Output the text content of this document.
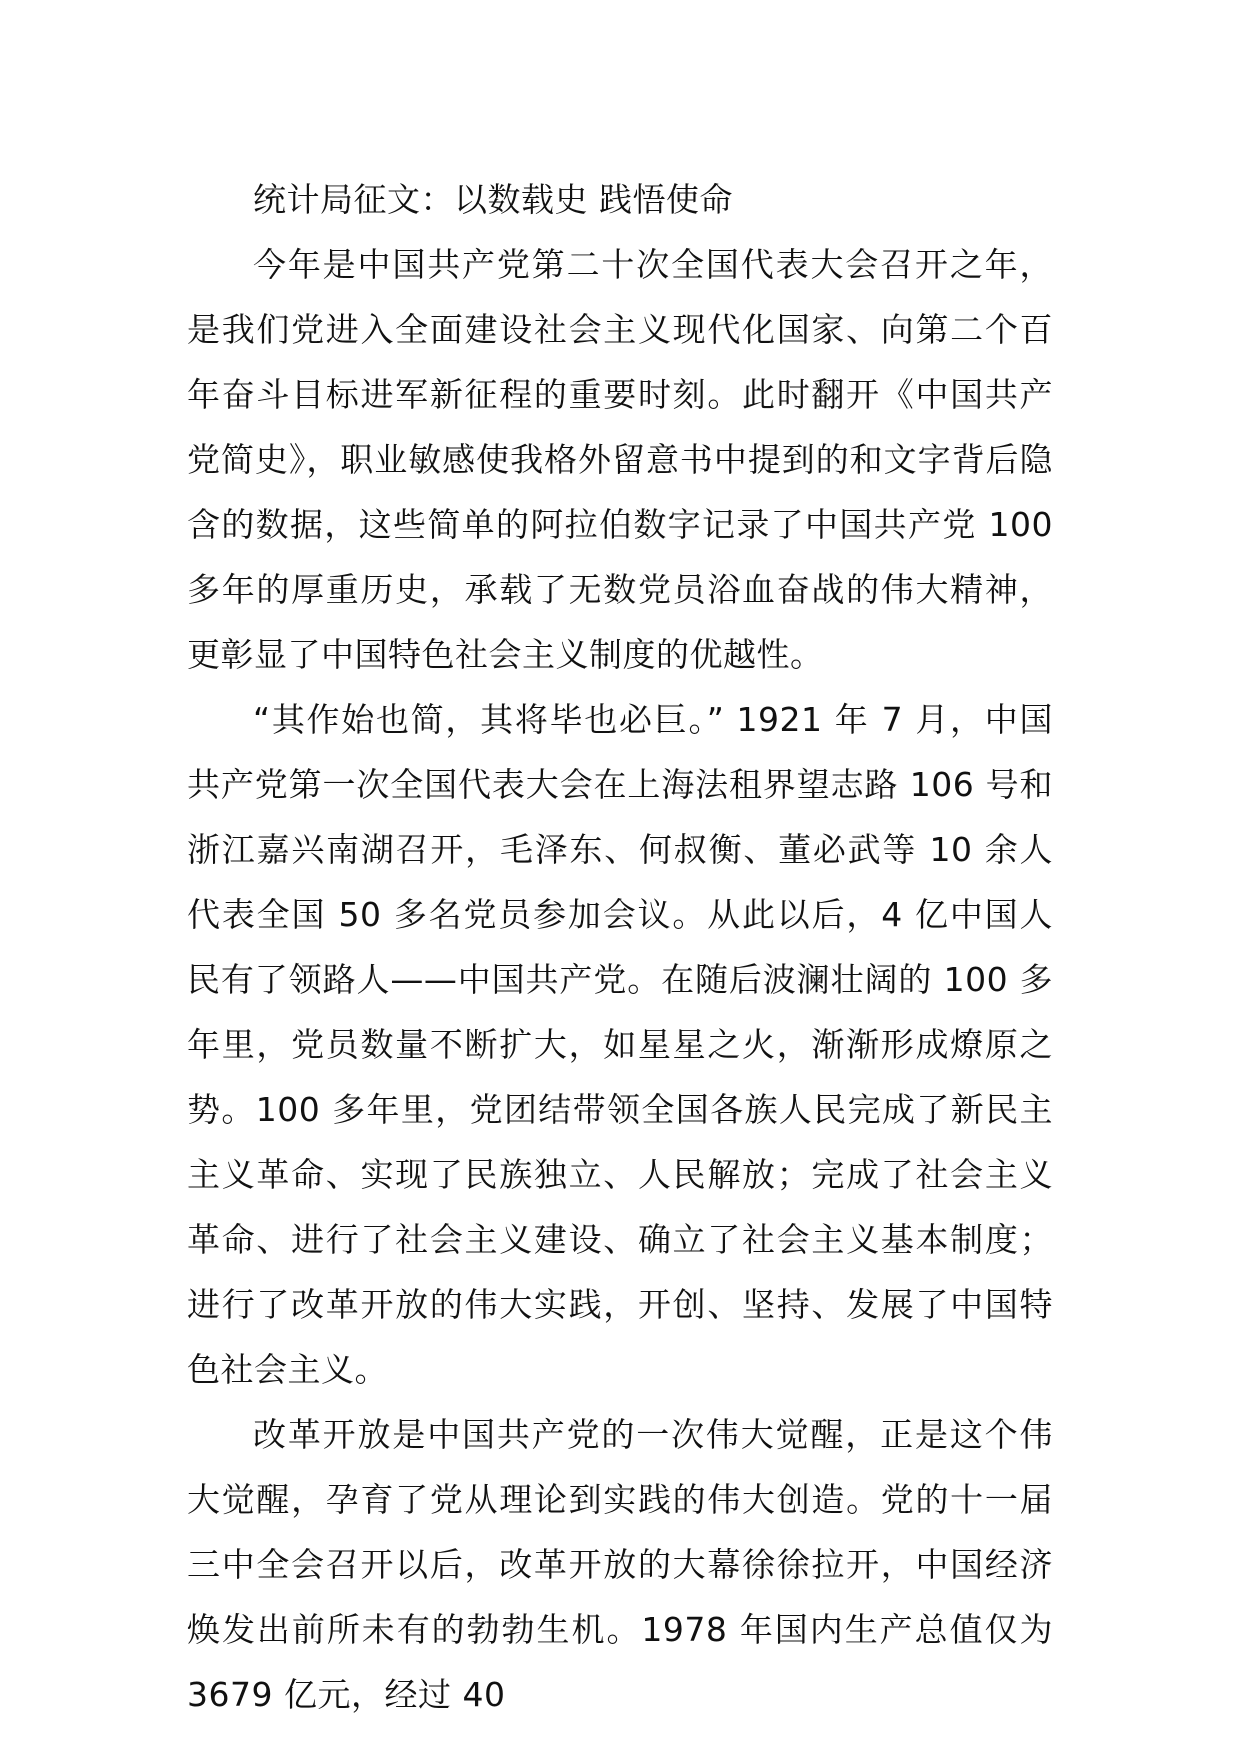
统计局征文：以数载史 践悟使命

今年是中国共产党第二十次全国代表大会召开之年，是我们党进入全面建设社会主义现代化国家、向第二个百年奋斗目标进军新征程的重要时刻。此时翻开《中国共产党简史》，职业敏感使我格外留意书中提到的和文字背后隐含的数据，这些简单的阿拉伯数字记录了中国共产党 100 多年的厚重历史，承载了无数党员浴血奋战的伟大精神，更彰显了中国特色社会主义制度的优越性。

“其作始也简，其将毕也必巨。” 1921 年 7 月，中国共产党第一次全国代表大会在上海法租界望志路 106 号和浙江嘉兴南湖召开，毛泽东、何叔衡、董必武等 10 余人代表全国 50 多名党员参加会议。从此以后，4 亿中国人民有了领路人——中国共产党。在随后波澜壮阔的 100 多年里，党员数量不断扩大，如星星之火，渐渐形成燎原之势。100 多年里，党团结带领全国各族人民完成了新民主主义革命、实现了民族独立、人民解放；完成了社会主义革命、进行了社会主义建设、确立了社会主义基本制度；进行了改革开放的伟大实践，开创、坚持、发展了中国特色社会主义。

改革开放是中国共产党的一次伟大觉醒，正是这个伟大觉醒，孕育了党从理论到实践的伟大创造。党的十一届三中全会召开以后，改革开放的大幕徐徐拉开，中国经济焕发出前所未有的勃勃生机。1978 年国内生产总值仅为 3679 亿元，经过 40
